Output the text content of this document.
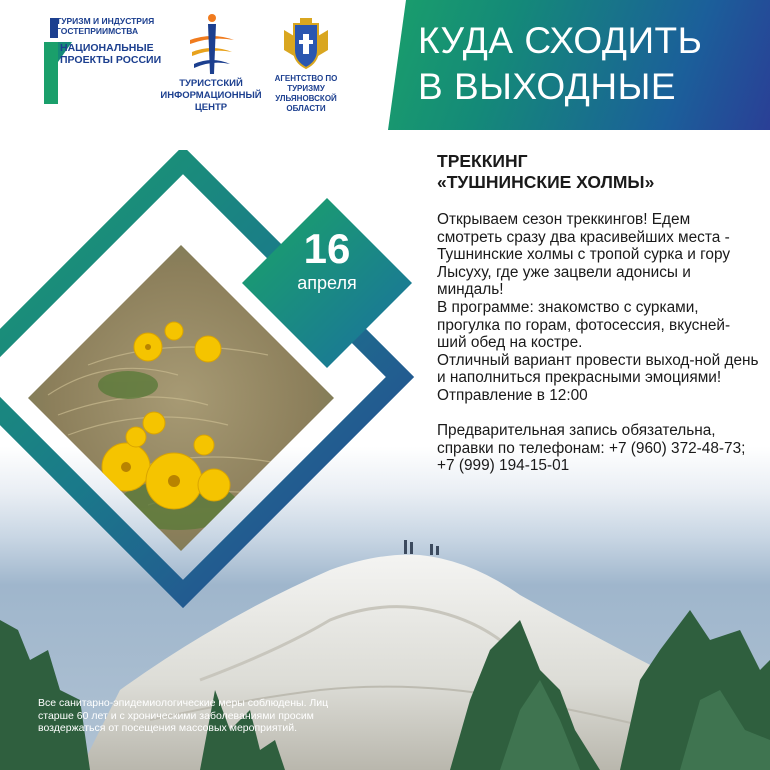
ТУРИЗМ И ИНДУСТРИЯ ГОСТЕПРИИМСТВА
НАЦИОНАЛЬНЫЕ ПРОЕКТЫ РОССИИ
ТУРИСТСКИЙ ИНФОРМАЦИОННЫЙ ЦЕНТР
АГЕНТСТВО ПО ТУРИЗМУ УЛЬЯНОВСКОЙ ОБЛАСТИ
КУДА СХОДИТЬ
В ВЫХОДНЫЕ
16
апреля
ТРЕККИНГ
«ТУШНИНСКИЕ ХОЛМЫ»

Открываем сезон треккингов! Едем смотреть сразу два красивейших места - Тушнинские холмы с тропой сурка и гору Лысуху, где уже зацвели адонисы и миндаль!

В программе: знакомство с сурками, прогулка по горам, фотосессия, вкусней-ший обед на костре.

Отличный вариант провести выход-ной день и наполниться прекрасными эмоциями!

Отправление в 12:00

Предварительная запись обязательна, справки по телефонам: +7 (960) 372-48-73; +7 (999) 194-15-01

Все санитарно-эпидемиологические меры соблюдены. Лиц старше 60 лет и с хроническими заболеваниями просим воздержаться от посещения массовых мероприятий.
